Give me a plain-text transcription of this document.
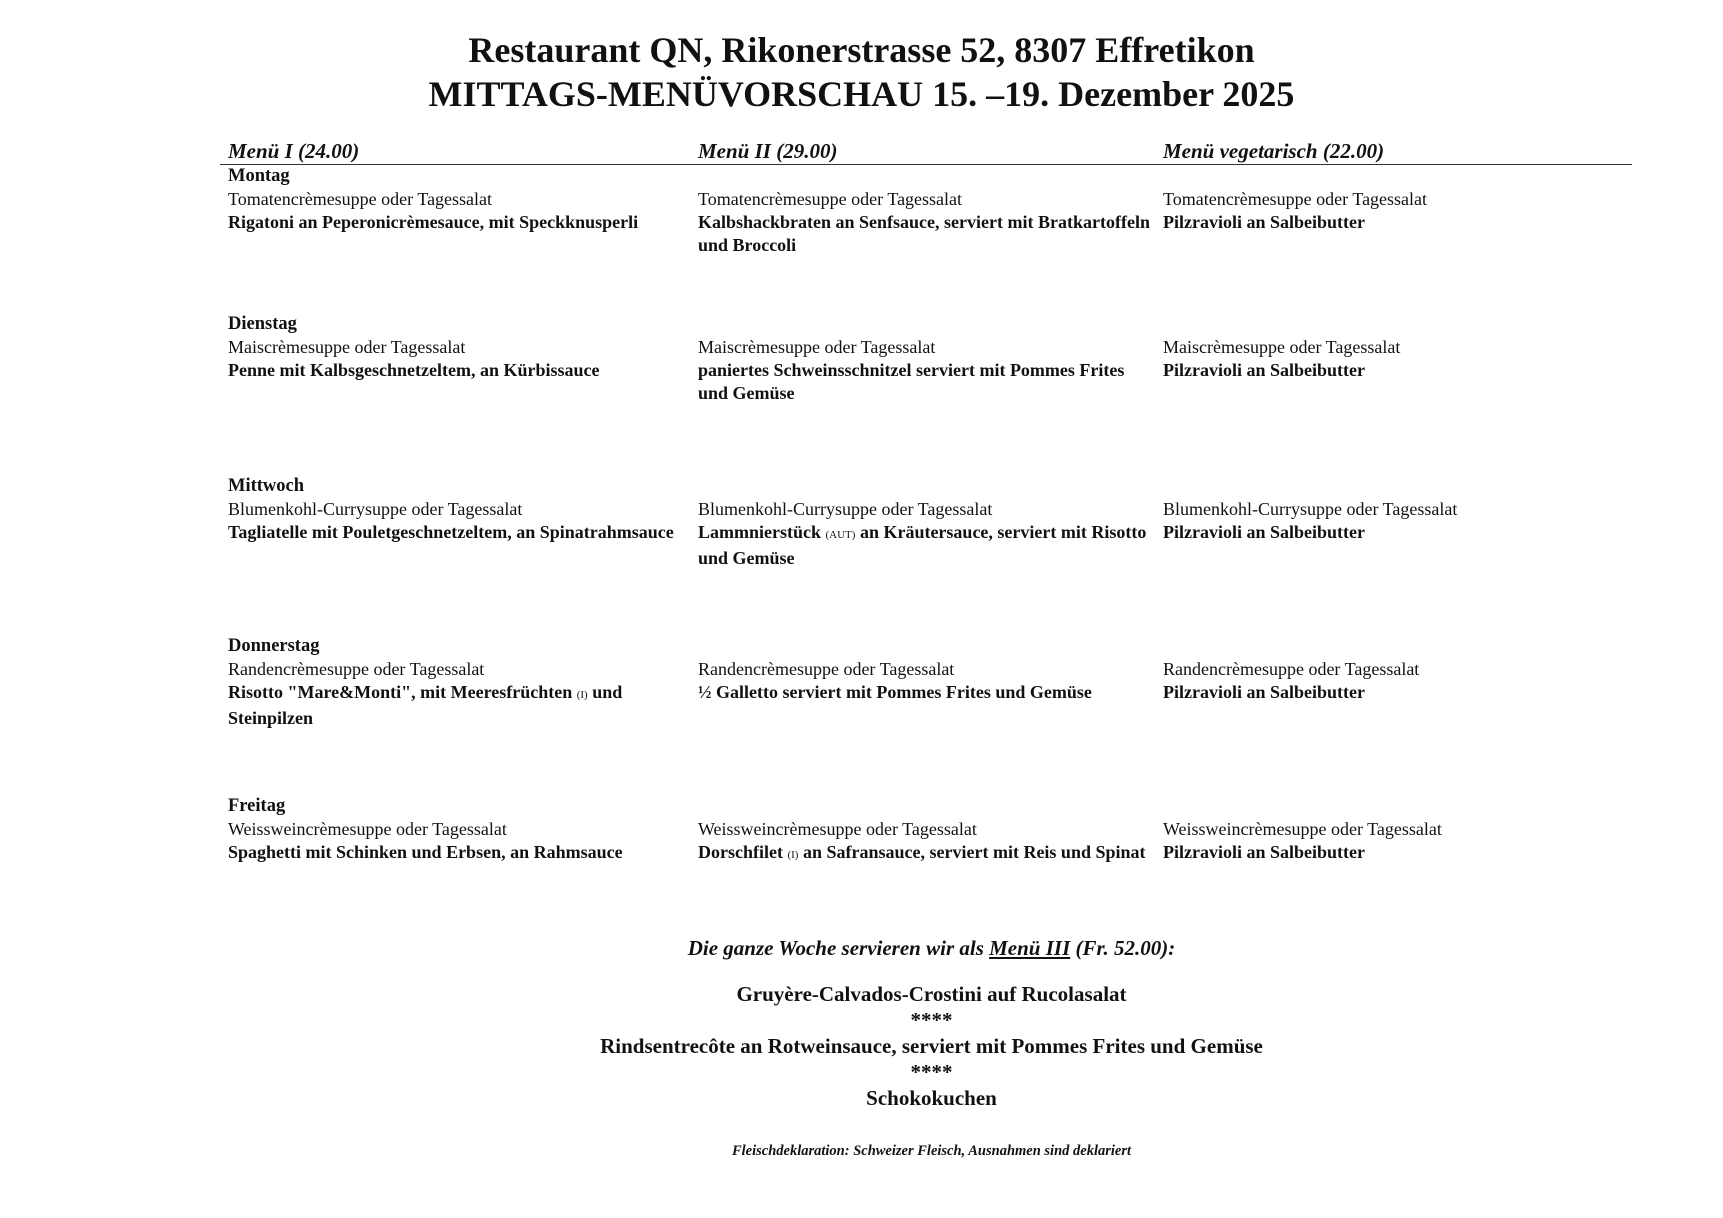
Restaurant QN, Rikonerstrasse 52, 8307 Effretikon
MITTAGS-MENÜVORSCHAU 15. –19. Dezember 2025
Menü I (24.00)	Menü II (29.00)	Menü vegetarisch (22.00)
Montag
Tomatencrèmesuppe oder Tagessalat
Rigatoni an Peperonicrèmesauce, mit Speckknusperli
Tomatencrèmesuppe oder Tagessalat
Kalbshackbraten an Senfsauce, serviert mit Bratkartoffeln und Broccoli
Tomatencrèmesuppe oder Tagessalat
Pilzravioli an Salbeibutter
Dienstag
Maiscrèmesuppe oder Tagessalat
Penne mit Kalbsgeschnetzeltem, an Kürbissauce
Maiscrèmesuppe oder Tagessalat
paniertes Schweinsschnitzel serviert mit Pommes Frites und Gemüse
Maiscrèmesuppe oder Tagessalat
Pilzravioli an Salbeibutter
Mittwoch
Blumenkohl-Currysuppe oder Tagessalat
Tagliatelle mit Pouletgeschnetzeltem, an Spinatrahmsauce
Blumenkohl-Currysuppe oder Tagessalat
Lammnierstück (AUT) an Kräutersauce, serviert mit Risotto und Gemüse
Blumenkohl-Currysuppe oder Tagessalat
Pilzravioli an Salbeibutter
Donnerstag
Randencrèmesuppe oder Tagessalat
Risotto "Mare&Monti", mit Meeresfrüchten (I) und Steinpilzen
Randencrèmesuppe oder Tagessalat
½ Galletto serviert mit Pommes Frites und Gemüse
Randencrèmesuppe oder Tagessalat
Pilzravioli an Salbeibutter
Freitag
Weissweincrèmesuppe oder Tagessalat
Spaghetti mit Schinken und Erbsen, an Rahmsauce
Weissweincrèmesuppe oder Tagessalat
Dorschfilet (I) an Safransauce, serviert mit Reis und Spinat
Weissweincrèmesuppe oder Tagessalat
Pilzravioli an Salbeibutter
Die ganze Woche servieren wir als Menü III (Fr. 52.00):
Gruyère-Calvados-Crostini auf Rucolasalat
****
Rindsentrecôte an Rotweinsauce, serviert mit Pommes Frites und Gemüse
****
Schokokuchen
Fleischdeklaration: Schweizer Fleisch, Ausnahmen sind deklariert
